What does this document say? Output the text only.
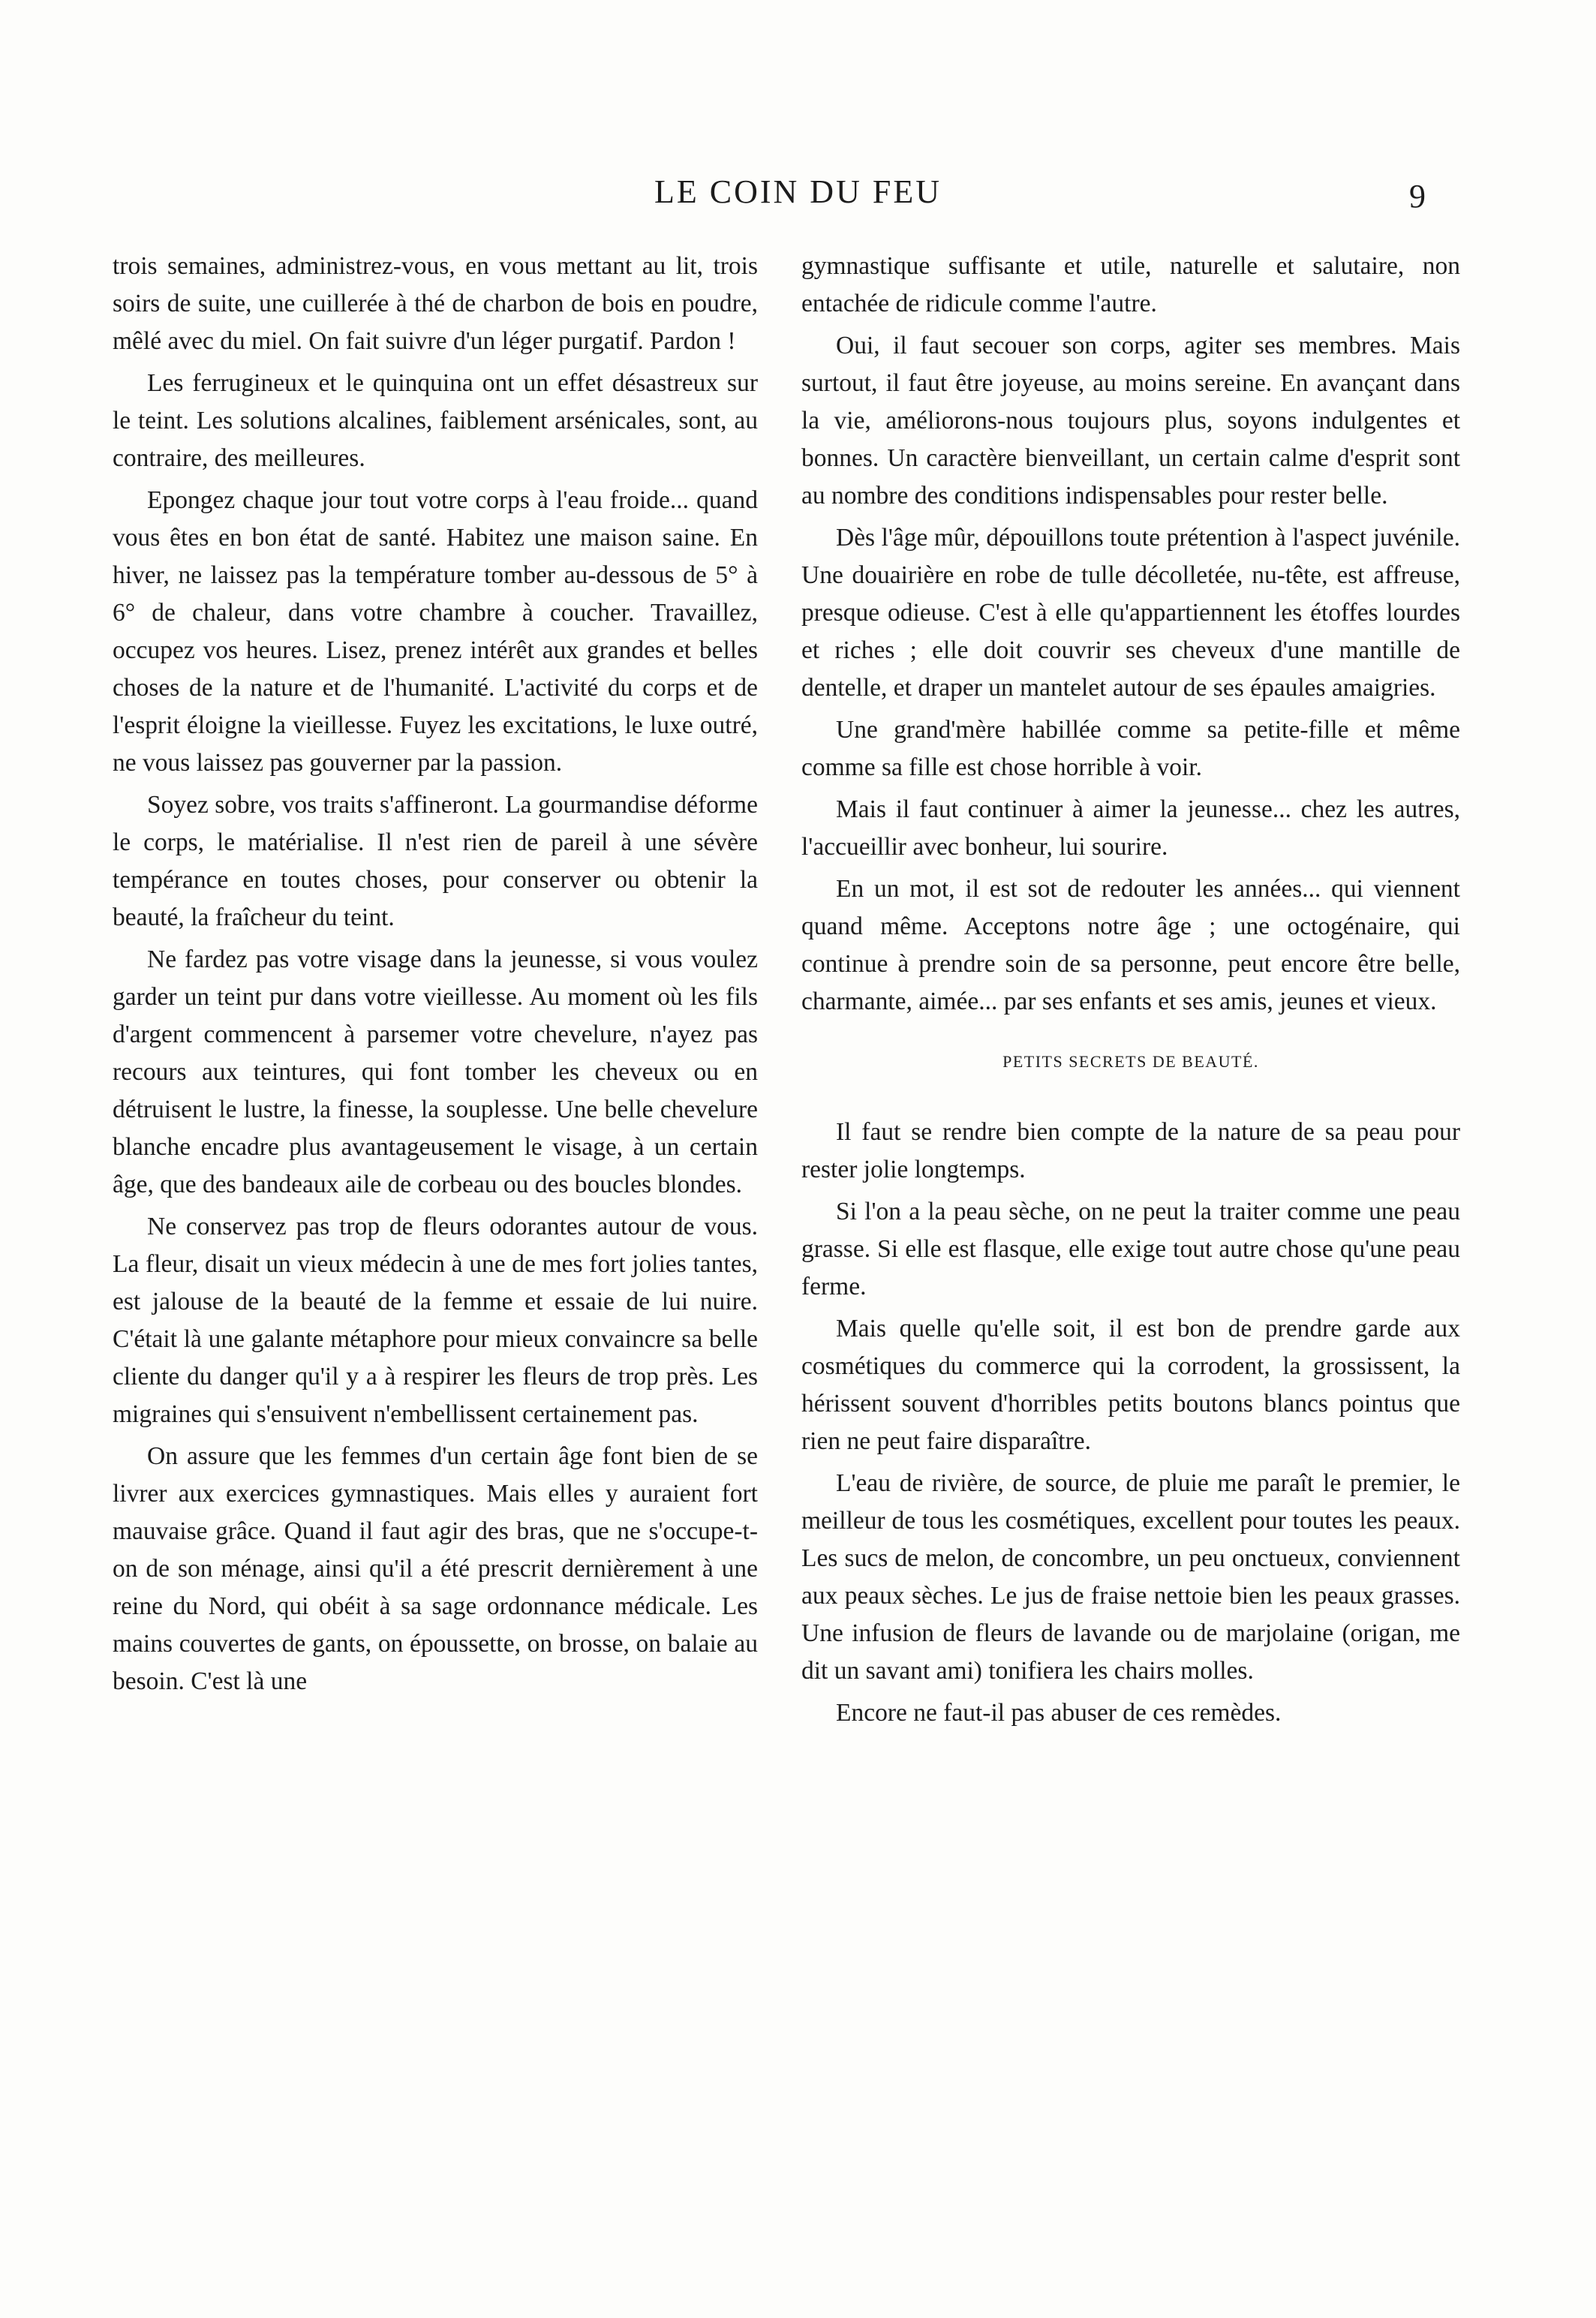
LE COIN DU FEU	9

trois semaines, administrez-vous, en vous mettant au lit, trois soirs de suite, une cuillerée à thé de charbon de bois en poudre, mêlé avec du miel. On fait suivre d'un léger purgatif. Pardon !

Les ferrugineux et le quinquina ont un effet désastreux sur le teint. Les solutions alcalines, faiblement arsénicales, sont, au contraire, des meilleures.

Epongez chaque jour tout votre corps à l'eau froide... quand vous êtes en bon état de santé. Habitez une maison saine. En hiver, ne laissez pas la température tomber au-dessous de 5° à 6° de chaleur, dans votre chambre à coucher. Travaillez, occupez vos heures. Lisez, prenez intérêt aux grandes et belles choses de la nature et de l'humanité. L'activité du corps et de l'esprit éloigne la vieillesse. Fuyez les excitations, le luxe outré, ne vous laissez pas gouverner par la passion.

Soyez sobre, vos traits s'affineront. La gourmandise déforme le corps, le matérialise. Il n'est rien de pareil à une sévère tempérance en toutes choses, pour conserver ou obtenir la beauté, la fraîcheur du teint.

Ne fardez pas votre visage dans la jeunesse, si vous voulez garder un teint pur dans votre vieillesse. Au moment où les fils d'argent commencent à parsemer votre chevelure, n'ayez pas recours aux teintures, qui font tomber les cheveux ou en détruisent le lustre, la finesse, la souplesse. Une belle chevelure blanche encadre plus avantageusement le visage, à un certain âge, que des bandeaux aile de corbeau ou des boucles blondes.

Ne conservez pas trop de fleurs odorantes autour de vous. La fleur, disait un vieux médecin à une de mes fort jolies tantes, est jalouse de la beauté de la femme et essaie de lui nuire. C'était là une galante métaphore pour mieux convaincre sa belle cliente du danger qu'il y a à respirer les fleurs de trop près. Les migraines qui s'ensuivent n'embellissent certainement pas.

On assure que les femmes d'un certain âge font bien de se livrer aux exercices gymnastiques. Mais elles y auraient fort mauvaise grâce. Quand il faut agir des bras, que ne s'occupe-t-on de son ménage, ainsi qu'il a été prescrit dernièrement à une reine du Nord, qui obéit à sa sage ordonnance médicale. Les mains couvertes de gants, on époussette, on brosse, on balaie au besoin. C'est là une

gymnastique suffisante et utile, naturelle et salutaire, non entachée de ridicule comme l'autre.

Oui, il faut secouer son corps, agiter ses membres. Mais surtout, il faut être joyeuse, au moins sereine. En avançant dans la vie, améliorons-nous toujours plus, soyons indulgentes et bonnes. Un caractère bienveillant, un certain calme d'esprit sont au nombre des conditions indispensables pour rester belle.

Dès l'âge mûr, dépouillons toute prétention à l'aspect juvénile. Une douairière en robe de tulle décolletée, nu-tête, est affreuse, presque odieuse. C'est à elle qu'appartiennent les étoffes lourdes et riches ; elle doit couvrir ses cheveux d'une mantille de dentelle, et draper un mantelet autour de ses épaules amaigries.

Une grand'mère habillée comme sa petite-fille et même comme sa fille est chose horrible à voir.

Mais il faut continuer à aimer la jeunesse... chez les autres, l'accueillir avec bonheur, lui sourire.

En un mot, il est sot de redouter les années... qui viennent quand même. Acceptons notre âge ; une octogénaire, qui continue à prendre soin de sa personne, peut encore être belle, charmante, aimée... par ses enfants et ses amis, jeunes et vieux.

PETITS SECRETS DE BEAUTÉ.

Il faut se rendre bien compte de la nature de sa peau pour rester jolie longtemps.

Si l'on a la peau sèche, on ne peut la traiter comme une peau grasse. Si elle est flasque, elle exige tout autre chose qu'une peau ferme.

Mais quelle qu'elle soit, il est bon de prendre garde aux cosmétiques du commerce qui la corrodent, la grossissent, la hérissent souvent d'horribles petits boutons blancs pointus que rien ne peut faire disparaître.

L'eau de rivière, de source, de pluie me paraît le premier, le meilleur de tous les cosmétiques, excellent pour toutes les peaux. Les sucs de melon, de concombre, un peu onctueux, conviennent aux peaux sèches. Le jus de fraise nettoie bien les peaux grasses. Une infusion de fleurs de lavande ou de marjolaine (origan, me dit un savant ami) tonifiera les chairs molles.

Encore ne faut-il pas abuser de ces remèdes.
